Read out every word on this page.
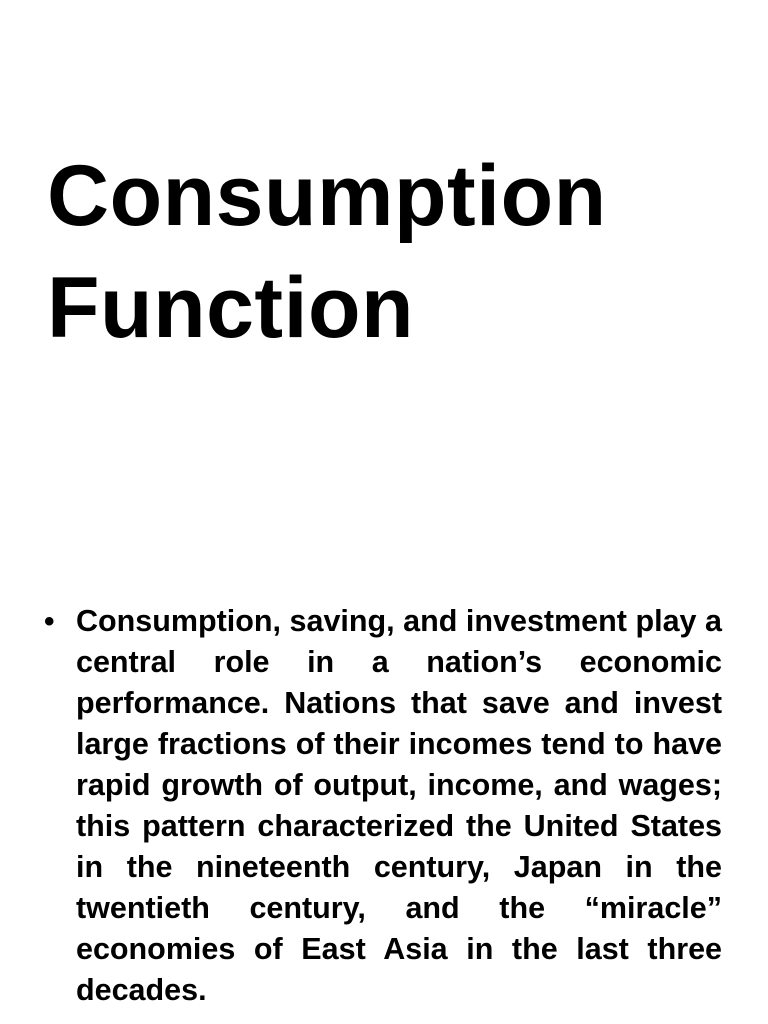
Consumption
Function
• Consumption, saving, and investment play a central role in a nation’s economic performance. Nations that save and invest large fractions of their incomes tend to have rapid growth of output, income, and wages; this pattern characterized the United States in the nineteenth century, Japan in the twentieth century, and the “miracle” economies of East Asia in the last three decades.
